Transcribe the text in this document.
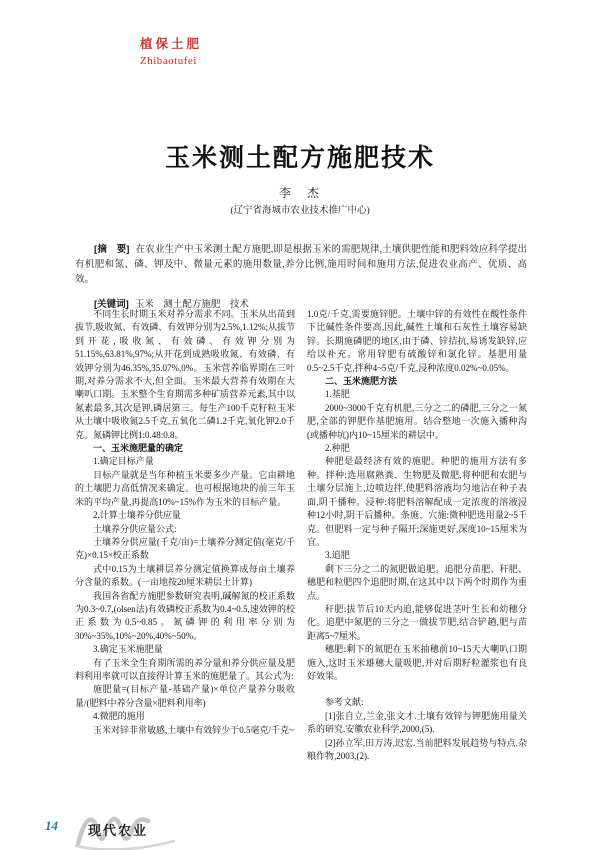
植保土肥
Zhibaotufei
玉米测土配方施肥技术
李　杰
(辽宁省海城市农业技术推广中心)

[摘　要] 在农业生产中玉米测土配方施肥,即是根据玉米的需肥规律,土壤供肥性能和肥料效应科学提出有机肥和氮、磷、钾及中、微量元素的施用数量,养分比例,施用时间和施用方法,促进农业高产、优质、高效。

[关键词] 玉米　测土配方施肥　技术

不同生长时期玉米对养分需求不同。玉米从出苗到拔节,吸收氮、有效磷、有效钾分别为2.5%,1.12%;从拔节到开花,吸收氮、有效磷、有效钾分别为51.15%,63.81%,97%;从开花到成熟吸收氮、有效磷、有效钾分别为46.35%,35.07%,0%。玉米营养临界期在三叶期,对养分需求不大,但全面。玉米最大营养有效期在大喇叭口期。玉米整个生育期需多种矿质营养元素,其中以氮素最多,其次是钾,磷居第三。每生产100千克籽粒玉米从土壤中吸收氮2.5千克,五氧化二磷1.2千克,氧化钾2.0千克。氮磷钾比例1:0.48:0.8。

一、玉米施肥量的确定

1.确定目标产量

目标产量就是当年种植玉米要多少产量。它由耕地的土壤肥力高低情况来确定。也可根据地块的前三年玉米的平均产量,再提高10%~15%作为玉米的目标产量。

2.计算土壤养分供应量

土壤养分供应量公式:

土壤养分供应量(千克/亩)=土壤养分测定值(毫克/千克)×0.15×校正系数

式中0.15为土壤耕层养分测定值换算成每亩土壤养分含量的系数。(一亩地按20厘米耕层土计算)

我国各省配方施肥参数研究表明,碱解氮的校正系数为0.3~0.7,(olsen法)有效磷校正系数为0.4~0.5,速效钾的校正系数为0.5~0.85。氮磷钾的利用率分别为30%~35%,10%~20%,40%~50%。

3.确定玉米施肥量

有了玉米全生育期所需的养分量和养分供应量及肥料利用率就可以直接得计算玉米的施肥量了。其公式为:

施肥量=(目标产量-基础产量)×单位产量养分吸收量/(肥料中养分含量×肥料利用率)

4.微肥的施用

玉米对锌非常敏感,土壤中有效锌少于0.5毫克/千克~

1.0克/千克,需要施锌肥。土壤中锌的有效性在酸性条件下比碱性条件要高,因此,碱性土壤和石灰性土壤容易缺锌。长期施磷肥的地区,由于磷、锌拮抗,易诱发缺锌,应给以补充。常用锌肥有硫酸锌和氯化锌。基肥用量0.5~2.5千克,拌种4~5克/千克,浸种浓度0.02%~0.05%。

二、玉米施肥方法

1.基肥

2000~3000千克有机肥,三分之二的磷肥,三分之一氮肥,全部的钾肥作基肥施用。结合整地一次施入播种沟(或播种坑)内10~15厘米的耕层中。

2.种肥

种肥是最经济有效的施肥。种肥的施用方法有多种。拌种:选用腐熟粪、生物肥及微肥,将种肥和农肥与土壤分层施上,边喷边拌,使肥料溶液均匀地沾在种子表面,阴干播种。浸种:将肥料溶解配成一定浓度的溶液浸种12小时,阴干后播种。条施、穴施:微种肥选用量2~5千克。但肥料一定与种子隔开;深施更好,深度10~15厘米为宜。

3.追肥

剩下三分之二的氮肥做追肥。追肥分苗肥、秆肥、穗肥和粒肥四个追肥时期,在这其中以下两个时期作为重点。

秆肥:拔节后10天内追,能够促进茎叶生长和幼穗分化。追肥中氮肥的三分之一做拔节肥,结合铲趟,肥与苗距离5~7厘米。

穗肥:剩下的氮肥在玉米抽穗前10~15天大喇叭口期施入,这时玉米雄穗大量吸肥,并对后期籽粒灌浆也有良好效果。

参考文献:

[1]张自立,兰金,张文才.土壤有效锌与钾肥施用量关系的研究.安徽农业科学,2000,(5).

[2]孙立军,田万涛,迟宏.当前肥料发展趋势与特点.杂粮作物,2003,(2).

14 现代农业
